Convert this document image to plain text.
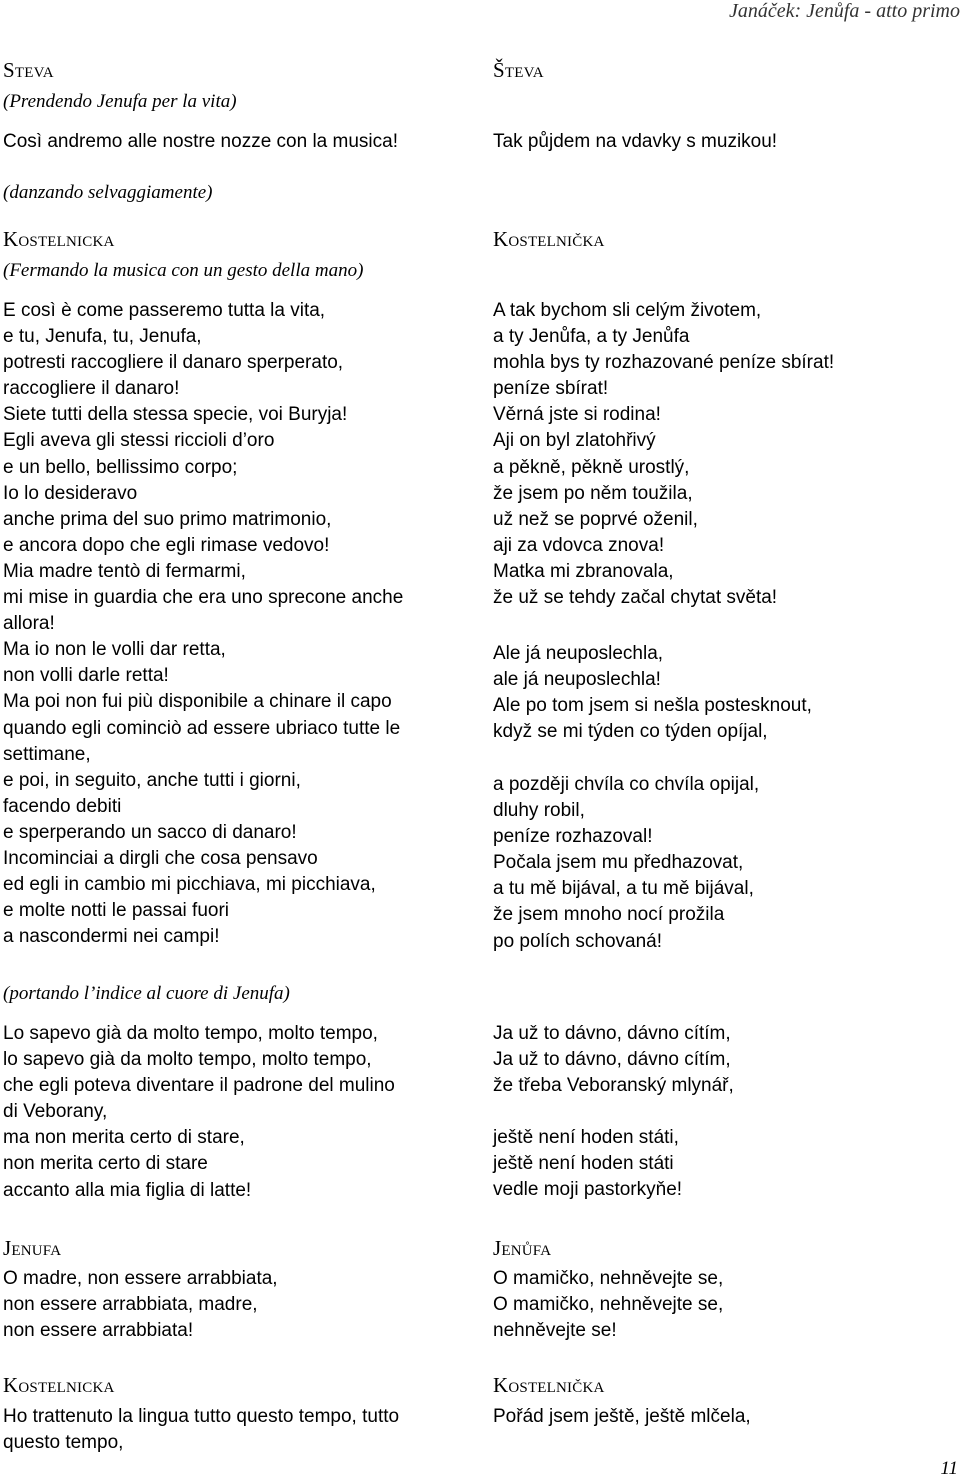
Janáček: Jenůfa - atto primo
Steva
(Prendendo Jenufa per la vita)
Così andremo alle nostre nozze con la musica!
(danzando selvaggiamente)
Kostelnicka
(Fermando la musica con un gesto della mano)
E così è come passeremo tutta la vita,
e tu, Jenufa, tu, Jenufa,
potresti raccogliere il danaro sperperato,
raccogliere il danaro!
Siete tutti della stessa specie, voi Buryja!
Egli aveva gli stessi riccioli d’oro
e un bello, bellissimo corpo;
Io lo desideravo
anche prima del suo primo matrimonio,
e ancora dopo che egli rimase vedovo!
Mia madre tentò di fermarmi,
mi mise in guardia che era uno sprecone anche
allora!
Ma io non le volli dar retta,
non volli darle retta!
Ma poi non fui più disponibile a chinare il capo
quando egli cominciò ad essere ubriaco tutte le
settimane,
e poi, in seguito, anche tutti i giorni,
facendo debiti
e sperperando un sacco di danaro!
Incominciai a dirgli che cosa pensavo
ed egli in cambio mi picchiava, mi picchiava,
e molte notti le passai fuori
a nascondermi nei campi!
(portando l’indice al cuore di Jenufa)
Lo sapevo già da molto tempo, molto tempo,
lo sapevo già da molto tempo, molto tempo,
che egli poteva diventare il padrone del mulino
di Veborany,
ma non merita certo di stare,
non merita certo di stare
accanto alla mia figlia di latte!
Jenufa
O madre, non essere arrabbiata,
non essere arrabbiata, madre,
non essere arrabbiata!
Kostelnicka
Ho trattenuto la lingua tutto questo tempo, tutto
questo tempo,
Števa
Tak půjdem na vdavky s muzikou!
Kostelnička
A tak bychom sli celým životem,
a ty Jenůfa, a ty Jenůfa
mohla bys ty rozhazované peníze sbírat!
peníze sbírat!
Věrná jste si rodina!
Aji on byl zlatohřivý
a pěkně, pěkně urostlý,
že jsem po něm toužila,
už než se poprvé oženil,
aji za vdovca znova!
Matka mi zbranovala,
že už se tehdy začal chytat světa!
Ale já neuposlechla,
ale já neuposlechla!
Ale po tom jsem si nešla postesknout,
když se mi týden co týden opíjal,
a později chvíla co chvíla opijal,
dluhy robil,
peníze rozhazoval!
Počala jsem mu předhazovat,
a tu mě bijával, a tu mě bijával,
že jsem mnoho nocí prožila
po polích schovaná!
Ja už to dávno, dávno cítím,
Ja už to dávno, dávno cítím,
že třeba Veboranský mlynář,
ještě není hoden státi,
ještě není hoden státi
vedle moji pastorkyňe!
Jenůfa
O mamičko, nehněvejte se,
O mamičko, nehněvejte se,
nehněvejte se!
Kostelnička
Pořád jsem ještě, ještě mlčela,
11
